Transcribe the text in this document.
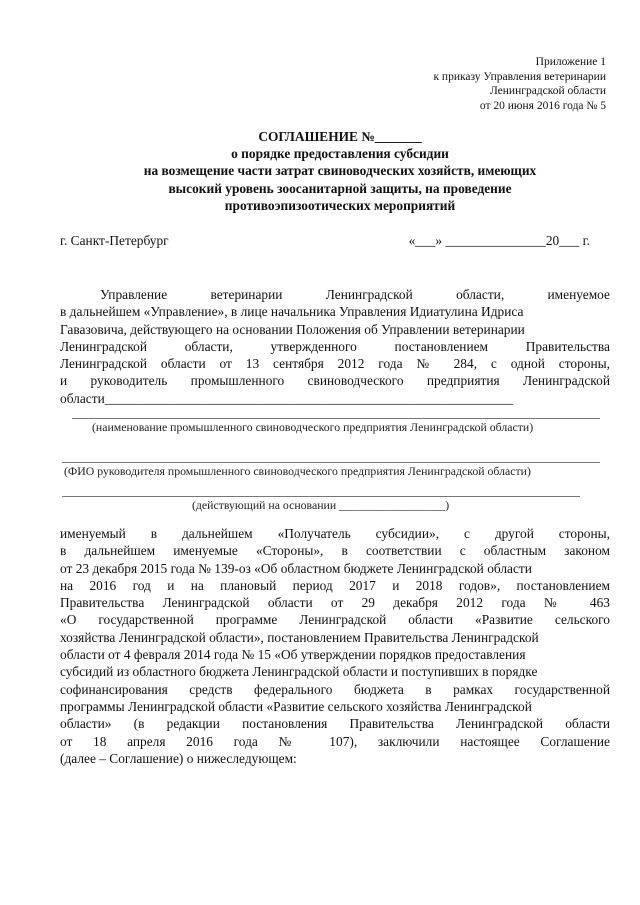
Приложение 1
к приказу Управления ветеринарии
Ленинградской области
от 20 июня 2016 года № 5
СОГЛАШЕНИЕ №_______
о порядке предоставления субсидии
на возмещение части затрат свиноводческих хозяйств, имеющих
высокий уровень зоосанитарной защиты, на проведение
противоэпизоотических мероприятий
г. Санкт-Петербург	«___» _______________20___ г.
Управление ветеринарии Ленинградской области, именуемое
в дальнейшем «Управление», в лице начальника Управления Идиатулина Идриса
Гавазовича, действующего на основании Положения об Управлении ветеринарии
Ленинградской области, утвержденного постановлением Правительства
Ленинградской области от 13 сентября 2012 года № 284, с одной стороны,
и руководитель промышленного свиноводческого предприятия Ленинградской
области_____________________________________________________________
(наименование промышленного свиноводческого предприятия Ленинградской области)
(ФИО руководителя промышленного свиноводческого предприятия Ленинградской области)
(действующий на основании __________________)
именуемый в дальнейшем «Получатель субсидии», с другой стороны,
в дальнейшем именуемые «Стороны», в соответствии с областным законом
от 23 декабря 2015 года № 139-оз «Об областном бюджете Ленинградской области
на 2016 год и на плановый период 2017 и 2018 годов», постановлением
Правительства Ленинградской области от 29 декабря 2012 года № 463
«О государственной программе Ленинградской области «Развитие сельского
хозяйства Ленинградской области», постановлением Правительства Ленинградской
области от 4 февраля 2014 года № 15 «Об утверждении порядков предоставления
субсидий из областного бюджета Ленинградской области и поступивших в порядке
софинансирования средств федерального бюджета в рамках государственной
программы Ленинградской области «Развитие сельского хозяйства Ленинградской
области» (в редакции постановления Правительства Ленинградской области
от 18 апреля 2016 года № 107), заключили настоящее Соглашение
(далее – Соглашение) о нижеследующем:
